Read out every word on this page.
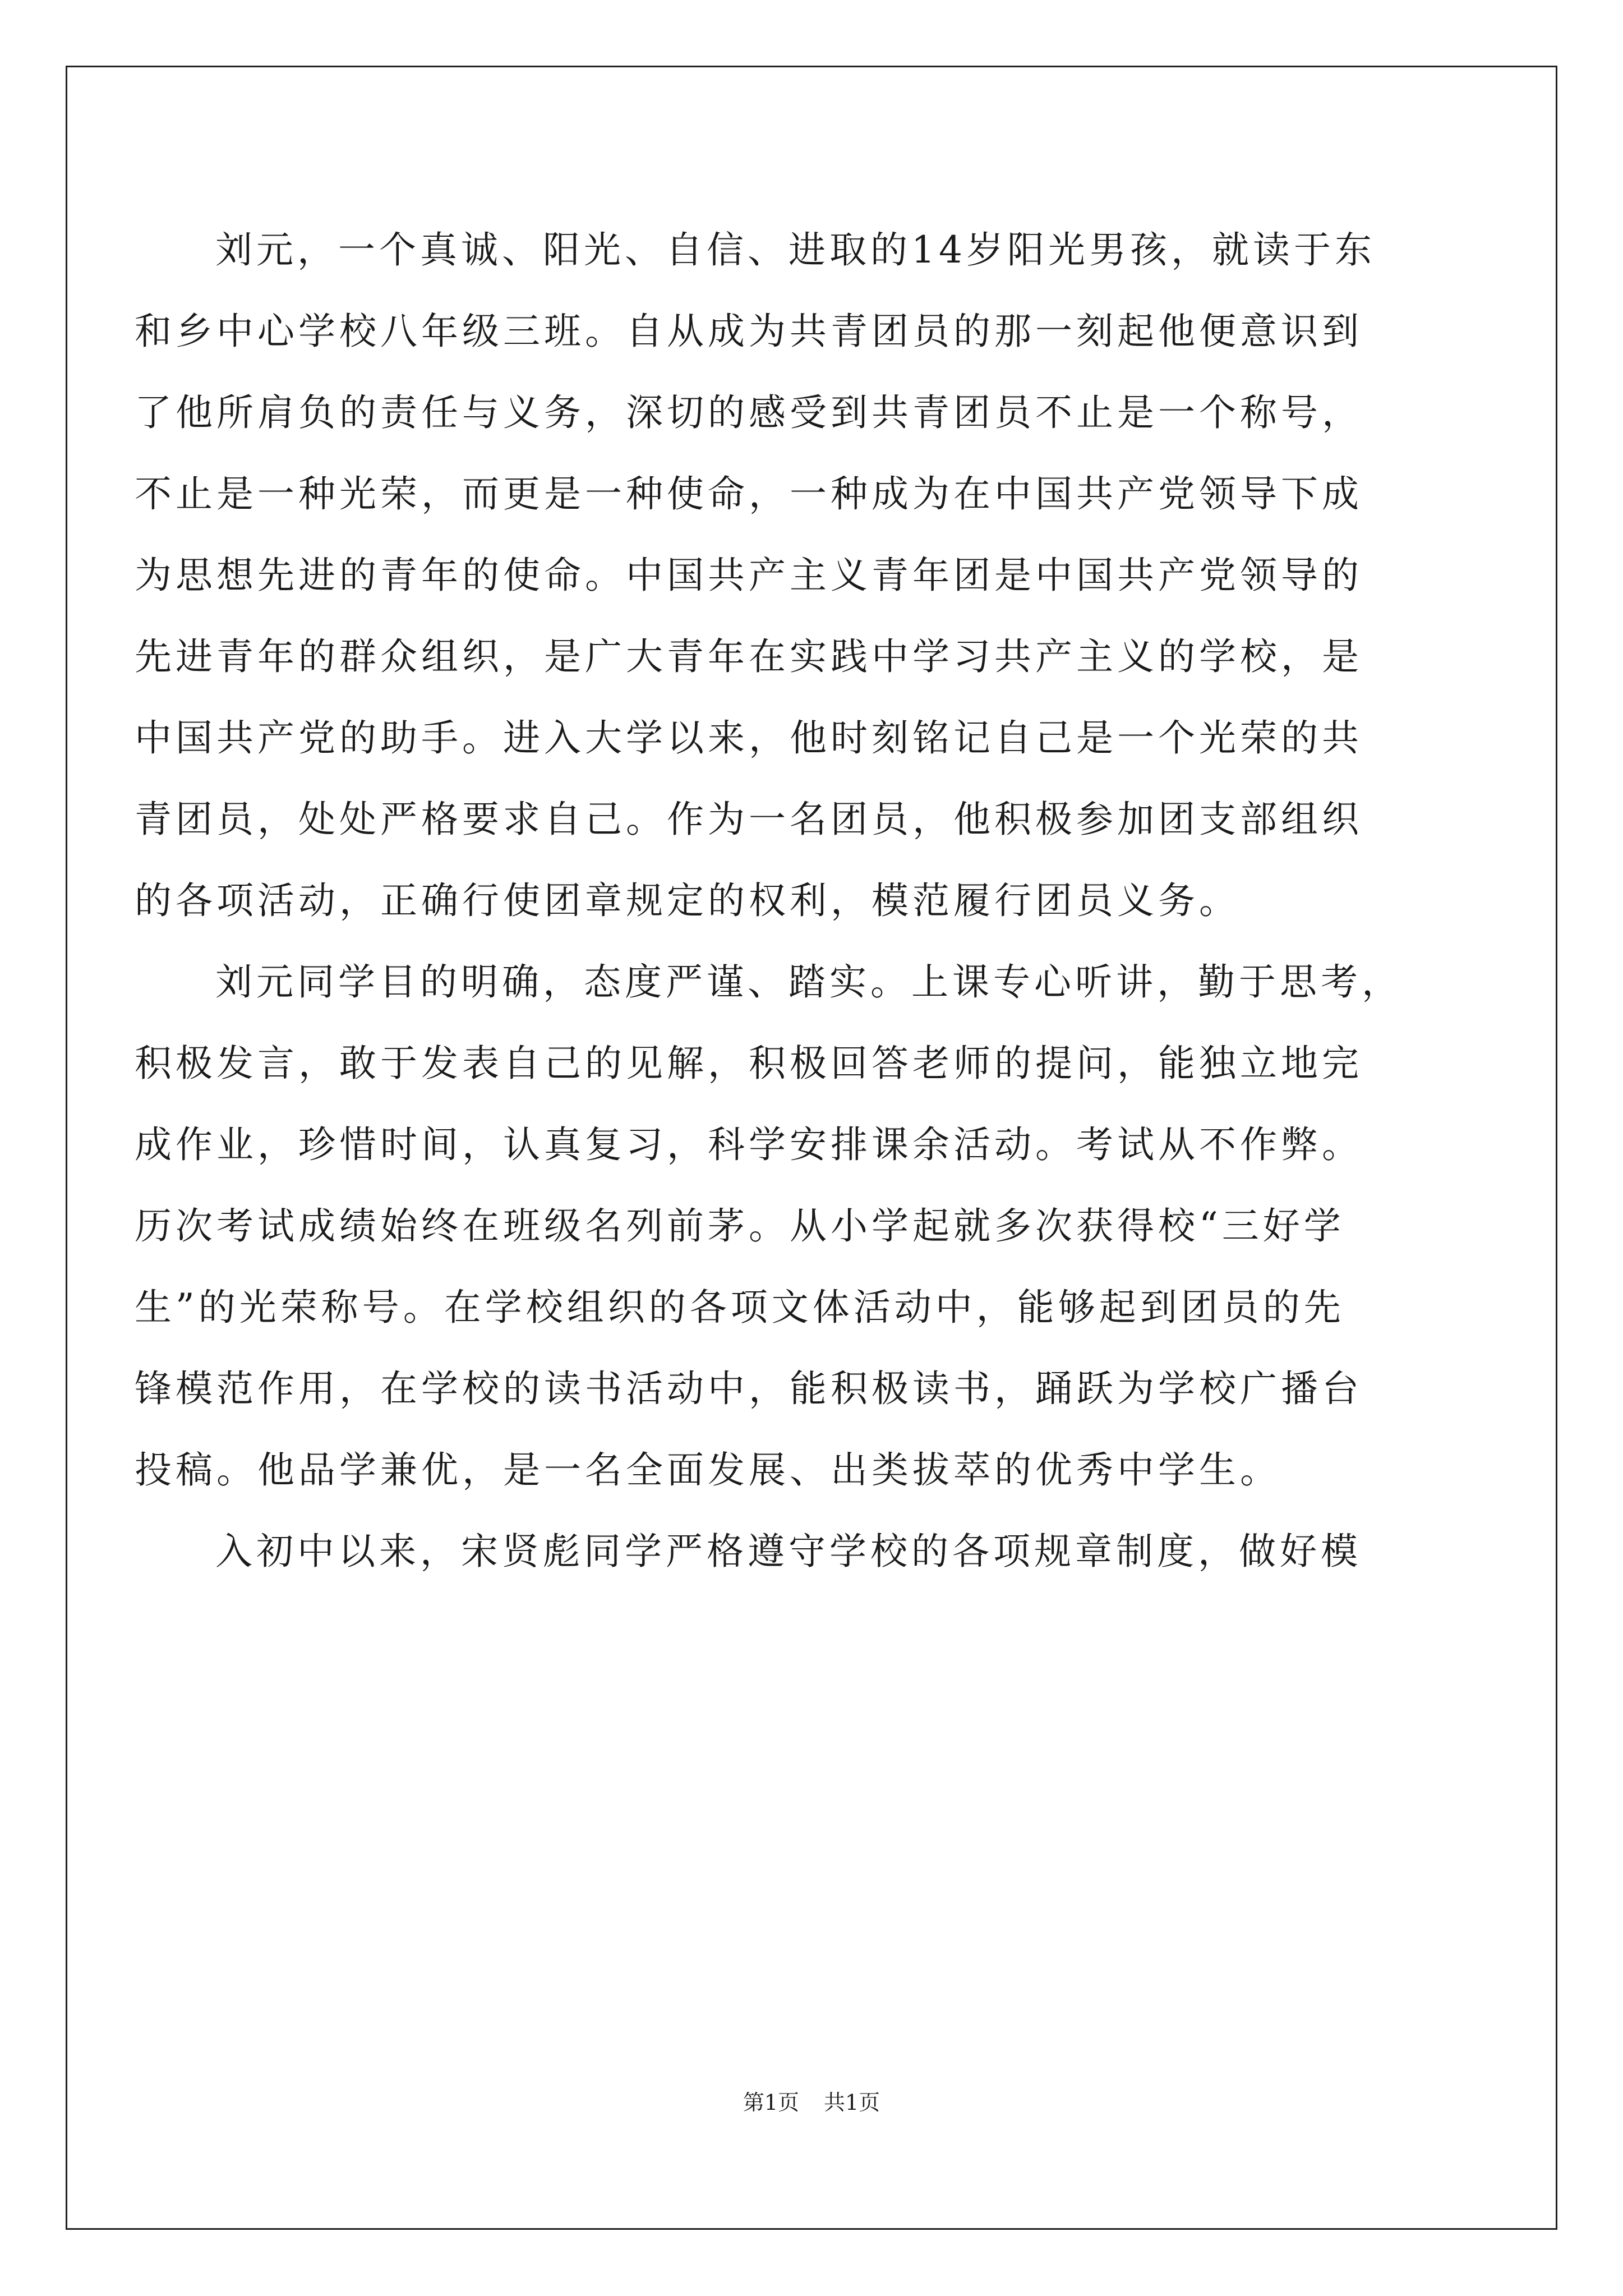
刘元，一个真诚、阳光、自信、进取的14岁阳光男孩，就读于东
和乡中心学校八年级三班。自从成为共青团员的那一刻起他便意识到
了他所肩负的责任与义务，深切的感受到共青团员不止是一个称号，
不止是一种光荣，而更是一种使命，一种成为在中国共产党领导下成
为思想先进的青年的使命。中国共产主义青年团是中国共产党领导的
先进青年的群众组织，是广大青年在实践中学习共产主义的学校，是
中国共产党的助手。进入大学以来，他时刻铭记自己是一个光荣的共
青团员，处处严格要求自己。作为一名团员，他积极参加团支部组织
的各项活动，正确行使团章规定的权利，模范履行团员义务。
刘元同学目的明确，态度严谨、踏实。上课专心听讲，勤于思考，
积极发言，敢于发表自己的见解，积极回答老师的提问，能独立地完
成作业，珍惜时间，认真复习，科学安排课余活动。考试从不作弊。
历次考试成绩始终在班级名列前茅。从小学起就多次获得校“三好学
生”的光荣称号。在学校组织的各项文体活动中，能够起到团员的先
锋模范作用，在学校的读书活动中，能积极读书，踊跃为学校广播台
投稿。他品学兼优，是一名全面发展、出类拔萃的优秀中学生。
入初中以来，宋贤彪同学严格遵守学校的各项规章制度，做好模
第1页 共1页
